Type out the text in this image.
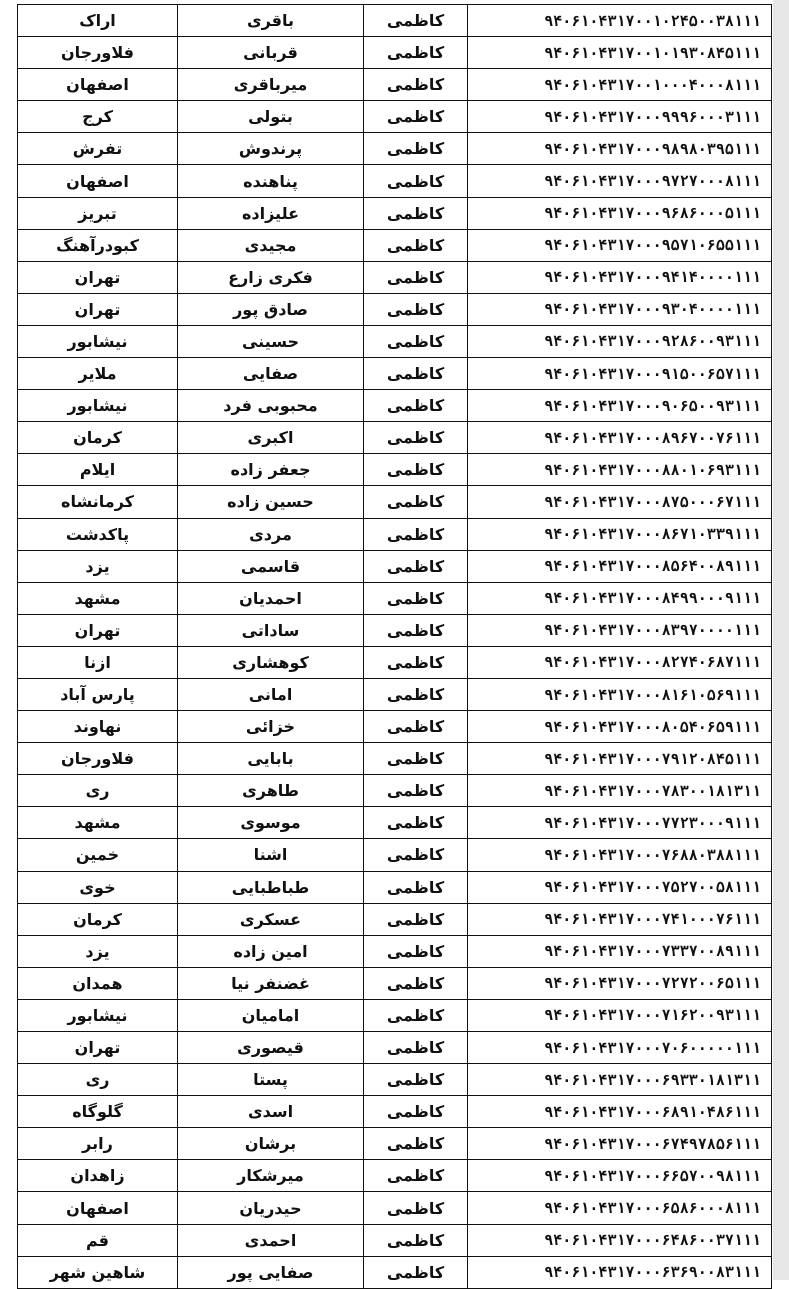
اراک	باقری	کاظمی	۹۴۰۶۱۰۴۳۱۷۰۰۱۰۲۴۵۰۰۳۸۱۱۱
فلاورجان	قربانی	کاظمی	۹۴۰۶۱۰۴۳۱۷۰۰۱۰۱۹۳۰۸۴۵۱۱۱
اصفهان	میرباقری	کاظمی	۹۴۰۶۱۰۴۳۱۷۰۰۱۰۰۰۴۰۰۰۸۱۱۱
کرج	بتولی	کاظمی	۹۴۰۶۱۰۴۳۱۷۰۰۰۹۹۹۶۰۰۰۳۱۱۱
تفرش	پرندوش	کاظمی	۹۴۰۶۱۰۴۳۱۷۰۰۰۹۸۹۸۰۳۹۵۱۱۱
اصفهان	پناهنده	کاظمی	۹۴۰۶۱۰۴۳۱۷۰۰۰۹۷۲۷۰۰۰۸۱۱۱
تبریز	علیزاده	کاظمی	۹۴۰۶۱۰۴۳۱۷۰۰۰۹۶۸۶۰۰۰۵۱۱۱
کبودرآهنگ	مجیدی	کاظمی	۹۴۰۶۱۰۴۳۱۷۰۰۰۹۵۷۱۰۶۵۵۱۱۱
تهران	فکری زارع	کاظمی	۹۴۰۶۱۰۴۳۱۷۰۰۰۹۴۱۴۰۰۰۰۱۱۱
تهران	صادق پور	کاظمی	۹۴۰۶۱۰۴۳۱۷۰۰۰۹۳۰۴۰۰۰۰۱۱۱
نیشابور	حسینی	کاظمی	۹۴۰۶۱۰۴۳۱۷۰۰۰۹۲۸۶۰۰۹۳۱۱۱
ملایر	صفایی	کاظمی	۹۴۰۶۱۰۴۳۱۷۰۰۰۹۱۵۰۰۶۵۷۱۱۱
نیشابور	محبوبی فرد	کاظمی	۹۴۰۶۱۰۴۳۱۷۰۰۰۹۰۶۵۰۰۹۳۱۱۱
کرمان	اکبری	کاظمی	۹۴۰۶۱۰۴۳۱۷۰۰۰۸۹۶۷۰۰۷۶۱۱۱
ایلام	جعفر زاده	کاظمی	۹۴۰۶۱۰۴۳۱۷۰۰۰۸۸۰۱۰۶۹۳۱۱۱
کرمانشاه	حسین زاده	کاظمی	۹۴۰۶۱۰۴۳۱۷۰۰۰۸۷۵۰۰۰۶۷۱۱۱
پاکدشت	مردی	کاظمی	۹۴۰۶۱۰۴۳۱۷۰۰۰۸۶۷۱۰۳۳۹۱۱۱
یزد	قاسمی	کاظمی	۹۴۰۶۱۰۴۳۱۷۰۰۰۸۵۶۴۰۰۸۹۱۱۱
مشهد	احمدیان	کاظمی	۹۴۰۶۱۰۴۳۱۷۰۰۰۸۴۹۹۰۰۰۹۱۱۱
تهران	ساداتی	کاظمی	۹۴۰۶۱۰۴۳۱۷۰۰۰۸۳۹۷۰۰۰۰۱۱۱
ازنا	کوهشاری	کاظمی	۹۴۰۶۱۰۴۳۱۷۰۰۰۸۲۷۴۰۶۸۷۱۱۱
پارس آباد	امانی	کاظمی	۹۴۰۶۱۰۴۳۱۷۰۰۰۸۱۶۱۰۵۶۹۱۱۱
نهاوند	خزائی	کاظمی	۹۴۰۶۱۰۴۳۱۷۰۰۰۸۰۵۴۰۶۵۹۱۱۱
فلاورجان	بابایی	کاظمی	۹۴۰۶۱۰۴۳۱۷۰۰۰۷۹۱۲۰۸۴۵۱۱۱
ری	طاهری	کاظمی	۹۴۰۶۱۰۴۳۱۷۰۰۰۷۸۳۰۰۱۸۱۳۱۱
مشهد	موسوی	کاظمی	۹۴۰۶۱۰۴۳۱۷۰۰۰۷۷۲۳۰۰۰۹۱۱۱
خمین	اشنا	کاظمی	۹۴۰۶۱۰۴۳۱۷۰۰۰۷۶۸۸۰۳۸۸۱۱۱
خوی	طباطبایی	کاظمی	۹۴۰۶۱۰۴۳۱۷۰۰۰۷۵۲۷۰۰۵۸۱۱۱
کرمان	عسکری	کاظمی	۹۴۰۶۱۰۴۳۱۷۰۰۰۷۴۱۰۰۰۷۶۱۱۱
یزد	امین زاده	کاظمی	۹۴۰۶۱۰۴۳۱۷۰۰۰۷۳۳۷۰۰۸۹۱۱۱
همدان	غضنفر نیا	کاظمی	۹۴۰۶۱۰۴۳۱۷۰۰۰۷۲۷۲۰۰۶۵۱۱۱
نیشابور	امامیان	کاظمی	۹۴۰۶۱۰۴۳۱۷۰۰۰۷۱۶۲۰۰۹۳۱۱۱
تهران	قیصوری	کاظمی	۹۴۰۶۱۰۴۳۱۷۰۰۰۷۰۶۰۰۰۰۰۱۱۱
ری	پستا	کاظمی	۹۴۰۶۱۰۴۳۱۷۰۰۰۶۹۳۳۰۱۸۱۳۱۱
گلوگاه	اسدی	کاظمی	۹۴۰۶۱۰۴۳۱۷۰۰۰۶۸۹۱۰۴۸۶۱۱۱
رابر	برشان	کاظمی	۹۴۰۶۱۰۴۳۱۷۰۰۰۶۷۴۹۷۸۵۶۱۱۱
زاهدان	میرشکار	کاظمی	۹۴۰۶۱۰۴۳۱۷۰۰۰۶۶۵۷۰۰۹۸۱۱۱
اصفهان	حیدریان	کاظمی	۹۴۰۶۱۰۴۳۱۷۰۰۰۶۵۸۶۰۰۰۸۱۱۱
قم	احمدی	کاظمی	۹۴۰۶۱۰۴۳۱۷۰۰۰۶۴۸۶۰۰۳۷۱۱۱
شاهین شهر	صفایی پور	کاظمی	۹۴۰۶۱۰۴۳۱۷۰۰۰۶۳۶۹۰۰۸۳۱۱۱
